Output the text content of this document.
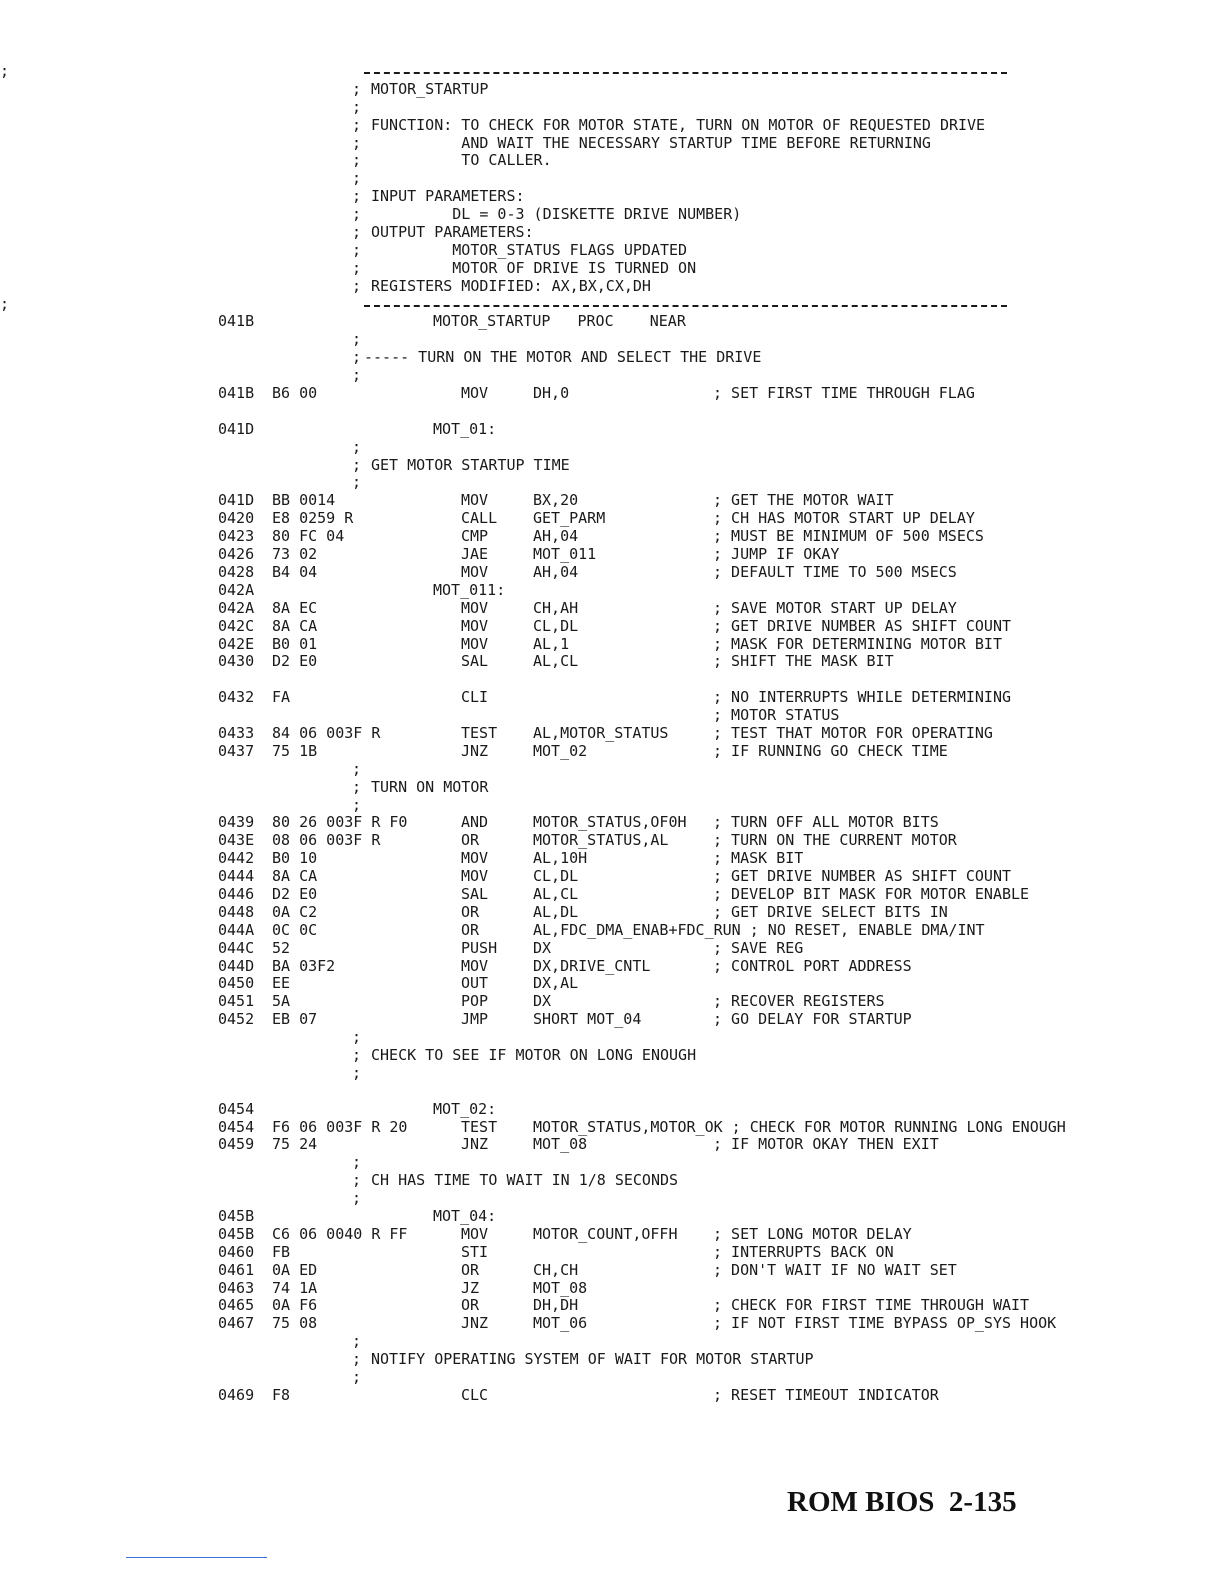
;
; MOTOR_STARTUP
;
; FUNCTION: TO CHECK FOR MOTOR STATE, TURN ON MOTOR OF REQUESTED DRIVE
; AND WAIT THE NECESSARY STARTUP TIME BEFORE RETURNING
; TO CALLER.
;
; INPUT PARAMETERS:
; DL = 0-3 (DISKETTE DRIVE NUMBER)
; OUTPUT PARAMETERS:
; MOTOR_STATUS FLAGS UPDATED
; MOTOR OF DRIVE IS TURNED ON
; REGISTERS MODIFIED: AX,BX,CX,DH
;
041B	MOTOR_STARTUP   PROC    NEAR
;
; ----- TURN ON THE MOTOR AND SELECT THE DRIVE
;
041B B6 00	MOV	DH,0	; SET FIRST TIME THROUGH FLAG
041D	MOT_01:
;
; GET MOTOR STARTUP TIME
;
041D BB 0014	MOV	BX,20	; GET THE MOTOR WAIT
0420 E8 0259 R	CALL GET_PARM	; CH HAS MOTOR START UP DELAY
0423 80 FC 04	CMP	AH,04	; MUST BE MINIMUM OF 500 MSECS
0426 73 02	JAE	MOT_011	; JUMP IF OKAY
0428 B4 04	MOV	AH,04	; DEFAULT TIME TO 500 MSECS
042A	MOT_011:
042A 8A EC	MOV	CH,AH	; SAVE MOTOR START UP DELAY
042C 8A CA	MOV	CL,DL	; GET DRIVE NUMBER AS SHIFT COUNT
042E B0 01	MOV	AL,1	; MASK FOR DETERMINING MOTOR BIT
0430 D2 E0	SAL	AL,CL	; SHIFT THE MASK BIT
0432 FA	CLI	; NO INTERRUPTS WHILE DETERMINING
; MOTOR STATUS
0433 84 06 003F R	TEST AL,MOTOR_STATUS	; TEST THAT MOTOR FOR OPERATING
0437 75 1B	JNZ	MOT_02	; IF RUNNING GO CHECK TIME
;
; TURN ON MOTOR
;
0439 80 26 003F R F0	AND	MOTOR_STATUS,OF0H ; TURN OFF ALL MOTOR BITS
043E 08 06 003F R	OR	MOTOR_STATUS,AL	; TURN ON THE CURRENT MOTOR
0442 B0 10	MOV	AL,10H	; MASK BIT
0444 8A CA	MOV	CL,DL	; GET DRIVE NUMBER AS SHIFT COUNT
0446 D2 E0	SAL	AL,CL	; DEVELOP BIT MASK FOR MOTOR ENABLE
0448 0A C2	OR	AL,DL	; GET DRIVE SELECT BITS IN
044A 0C 0C	OR	AL,FDC_DMA_ENAB+FDC_RUN ; NO RESET, ENABLE DMA/INT
044C 52	PUSH DX	; SAVE REG
044D BA 03F2	MOV	DX,DRIVE_CNTL	; CONTROL PORT ADDRESS
0450 EE	OUT	DX,AL
0451 5A	POP	DX	; RECOVER REGISTERS
0452 EB 07	JMP	SHORT MOT_04	; GO DELAY FOR STARTUP
;
; CHECK TO SEE IF MOTOR ON LONG ENOUGH
;
0454	MOT_02:
0454 F6 06 003F R 20	TEST MOTOR_STATUS,MOTOR_OK ; CHECK FOR MOTOR RUNNING LONG ENOUGH
0459 75 24	JNZ	MOT_08	; IF MOTOR OKAY THEN EXIT
;
; CH HAS TIME TO WAIT IN 1/8 SECONDS
;
045B	MOT_04:
045B C6 06 0040 R FF	MOV	MOTOR_COUNT,OFFH ; SET LONG MOTOR DELAY
0460 FB	STI	; INTERRUPTS BACK ON
0461 0A ED	OR	CH,CH	; DON'T WAIT IF NO WAIT SET
0463 74 1A	JZ	MOT_08
0465 0A F6	OR	DH,DH	; CHECK FOR FIRST TIME THROUGH WAIT
0467 75 08	JNZ	MOT_06	; IF NOT FIRST TIME BYPASS OP_SYS HOOK
;
; NOTIFY OPERATING SYSTEM OF WAIT FOR MOTOR STARTUP
;
0469 F8	CLC	; RESET TIMEOUT INDICATOR
ROM BIOS  2-135
